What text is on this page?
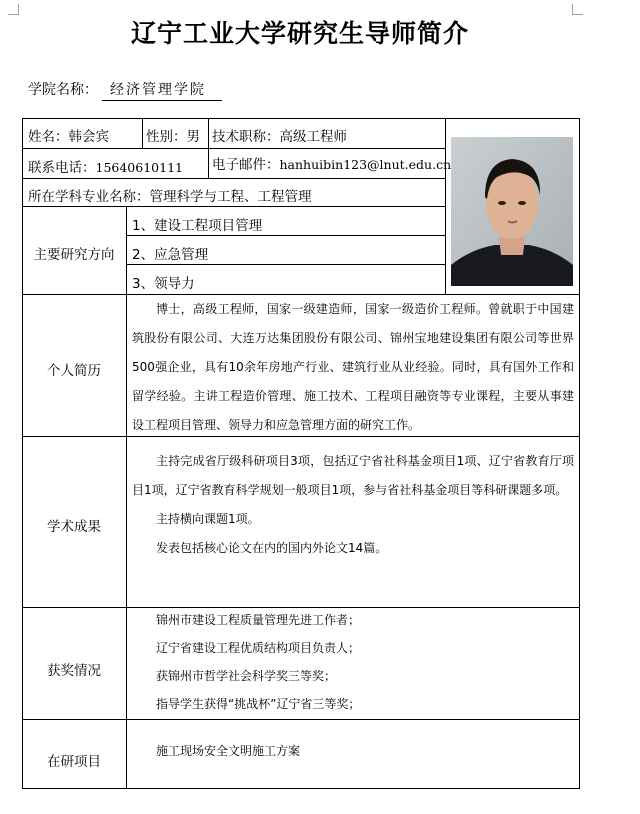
辽宁工业大学研究生导师简介
学院名称： 经济管理学院
姓名：韩会宾	性别：男 技术职称：高级工程师
联系电话：15640610111 电子邮件：hanhuibin123@lnut.edu.cn
所在学科专业名称：管理科学与工程、工程管理
主要研究方向
1、建设工程项目管理
2、应急管理
3、领导力
个人简历

博士，高级工程师，国家一级建造师，国家一级造价工程师。曾就职于中国建筑股份有限公司、大连万达集团股份有限公司、锦州宝地建设集团有限公司等世界500强企业，具有10余年房地产行业、建筑行业从业经验。同时，具有国外工作和留学经验。主讲工程造价管理、施工技术、工程项目融资等专业课程，主要从事建设工程项目管理、领导力和应急管理方面的研究工作。

学术成果

主持完成省厅级科研项目3项，包括辽宁省社科基金项目1项、辽宁省教育厅项目1项，辽宁省教育科学规划一般项目1项，参与省社科基金项目等科研课题多项。

主持横向课题1项。

发表包括核心论文在内的国内外论文14篇。

获奖情况

锦州市建设工程质量管理先进工作者；

辽宁省建设工程优质结构项目负责人；

获锦州市哲学社会科学奖三等奖；

指导学生获得“挑战杯”辽宁省三等奖；

在研项目

施工现场安全文明施工方案
